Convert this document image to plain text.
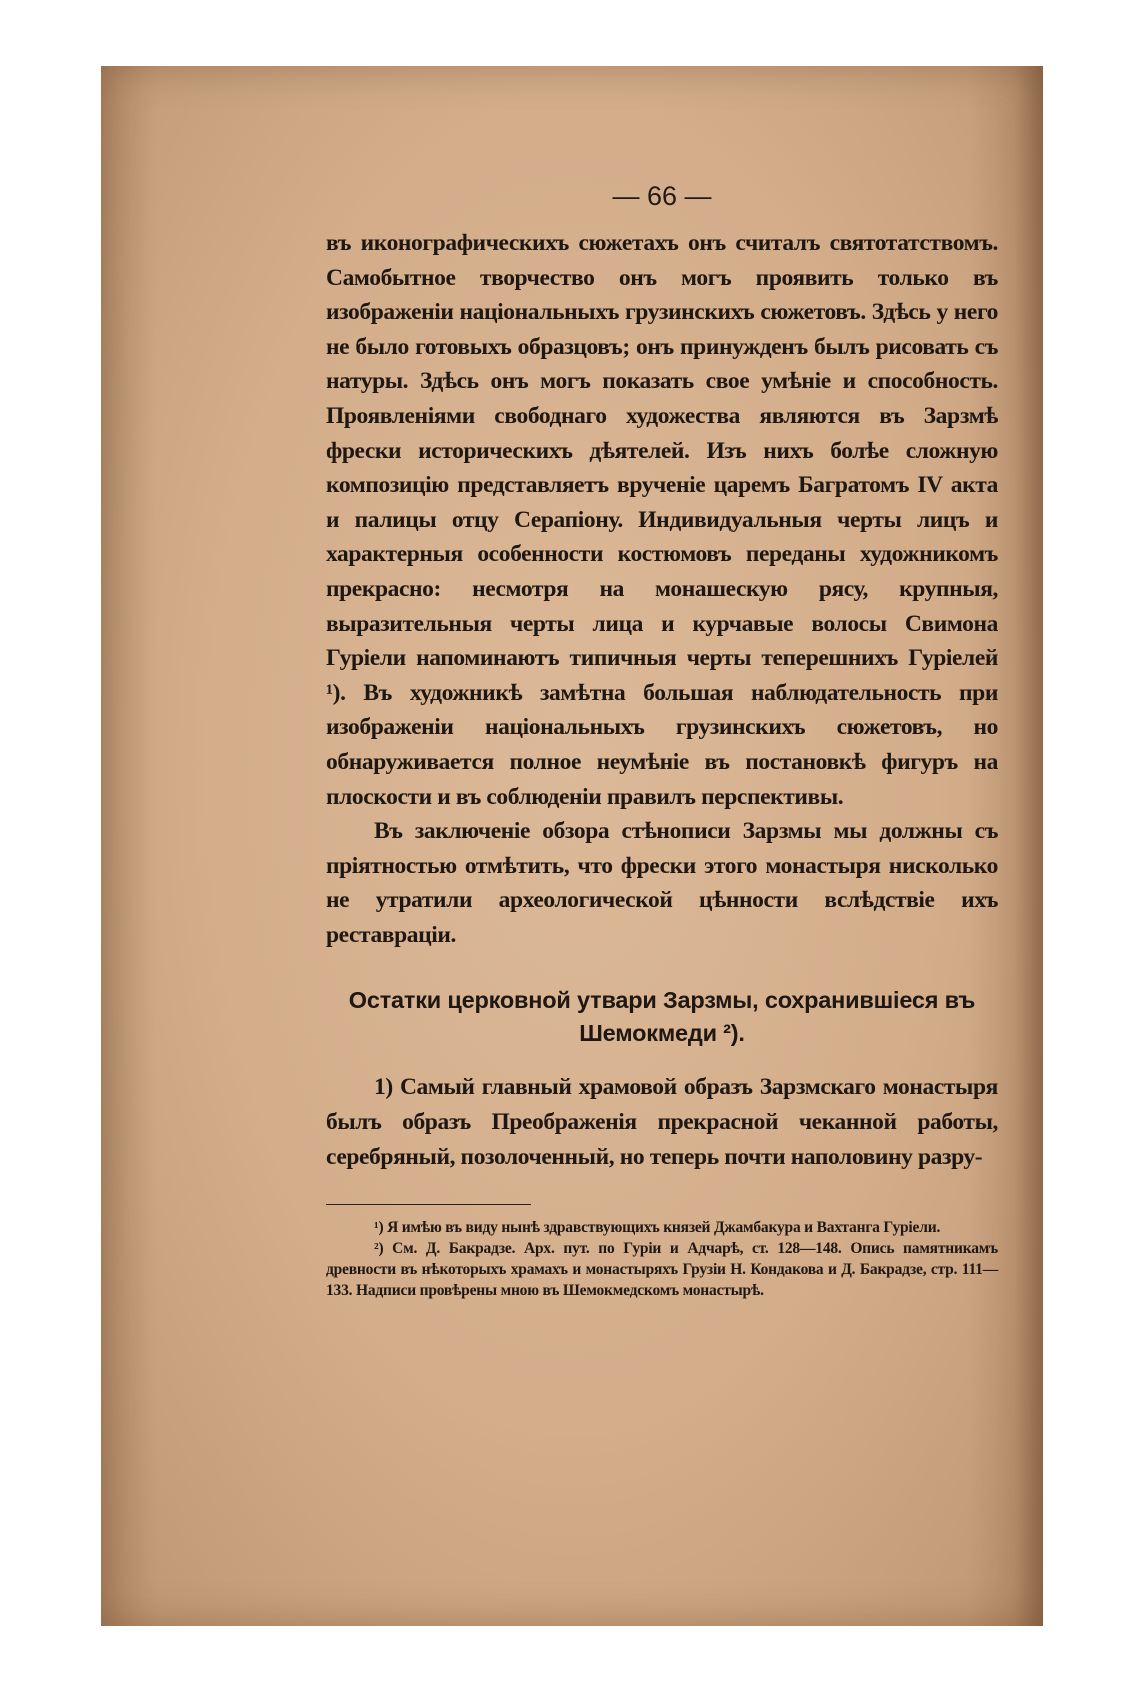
— 66 —

въ иконографическихъ сюжетахъ онъ считалъ святотатствомъ. Самобытное творчество онъ могъ проявить только въ изображенiи нацiональныхъ грузинскихъ сюжетовъ. Здѣсь у него не было готовыхъ образцовъ; онъ принужденъ былъ рисовать съ натуры. Здѣсь онъ могъ показать свое умѣнiе и способность. Проявленiями свободнаго художества являются въ Зарзмѣ фрески историческихъ дѣятелей. Изъ нихъ болѣе сложную композицiю представляетъ врученiе царемъ Багратомъ IV акта и палицы отцу Серапiону. Индивидуальныя черты лицъ и характерныя особенности костюмовъ переданы художникомъ прекрасно: несмотря на монашескую рясу, крупныя, выразительныя черты лица и курчавые волосы Свимона Гурiели напоминаютъ типичныя черты теперешнихъ Гурiелей ¹). Въ художникѣ замѣтна большая наблюдательность при изображенiи нацiональныхъ грузинскихъ сюжетовъ, но обнаруживается полное неумѣнiе въ постановкѣ фигуръ на плоскости и въ соблюденiи правилъ перспективы.

Въ заключенiе обзора стѣнописи Зарзмы мы должны съ прiятностью отмѣтить, что фрески этого монастыря нисколько не утратили археологической цѣнности вслѣдствiе ихъ реставрацiи.

Остатки церковной утвари Зарзмы, сохранившiеся въ Шемокмеди ²).

1) Самый главный храмовой образъ Зарзмскаго монастыря былъ образъ Преображенiя прекрасной чеканной работы, серебряный, позолоченный, но теперь почти наполовину разру-

¹) Я имѣю въ виду нынѣ здравствующихъ князей Джамбакура и Вахтанга Гурiели.

²) См. Д. Бакрадзе. Арх. пут. по Гурiи и Адчарѣ, ст. 128—148. Опись памятникамъ древности въ нѣкоторыхъ храмахъ и монастыряхъ Грузiи Н. Кондакова и Д. Бакрадзе, стр. 111—133. Надписи провѣрены мною въ Шемокмедскомъ монастырѣ.
